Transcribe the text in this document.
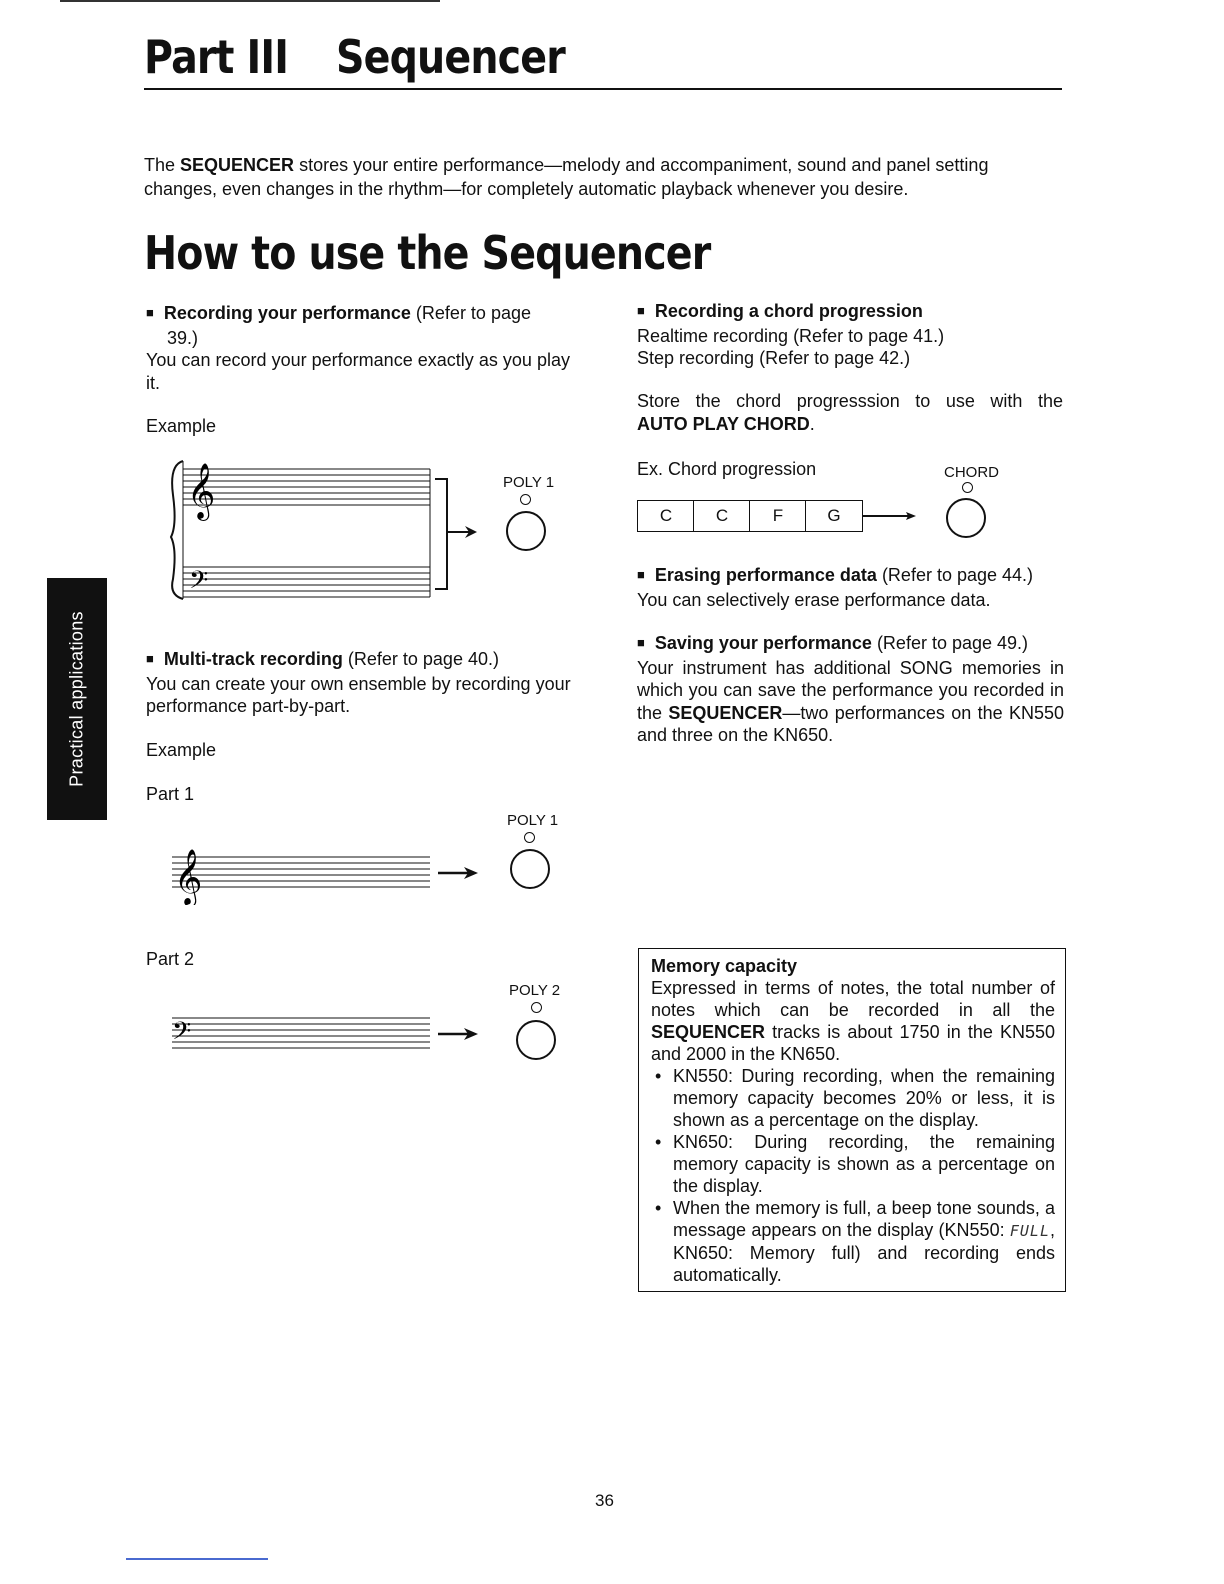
Part III Sequencer
The SEQUENCER stores your entire performance—melody and accompaniment, sound and panel setting changes, even changes in the rhythm—for completely automatic playback whenever you desire.
How to use the Sequencer
■ Recording your performance (Refer to page
39.)
You can record your performance exactly as you play it.
Example
𝄞
𝄢
POLY 1
■ Multi-track recording (Refer to page 40.)
You can create your own ensemble by recording your performance part-by-part.
Example
Part 1
𝄞
POLY 1
Part 2
𝄢
POLY 2
■ Recording a chord progression
Realtime recording (Refer to page 41.)
Step recording (Refer to page 42.)
Store the chord progresssion to use with the
AUTO PLAY CHORD.
Ex. Chord progression	CHORD
C	C	F	G
■ Erasing performance data (Refer to page 44.)
You can selectively erase performance data.
■ Saving your performance (Refer to page 49.)
Your instrument has additional SONG memories in which you can save the performance you recorded in the SEQUENCER—two performances on the KN550 and three on the KN650.
Memory capacity
Expressed in terms of notes, the total number of notes which can be recorded in all the SEQUENCER tracks is about 1750 in the KN550 and 2000 in the KN650.
• KN550: During recording, when the remaining memory capacity becomes 20% or less, it is shown as a percentage on the display.
• KN650: During recording, the remaining memory capacity is shown as a percentage on the display.
• When the memory is full, a beep tone sounds, a message appears on the display (KN550: FULL, KN650: Memory full) and recording ends automatically.
Practical applications
36
